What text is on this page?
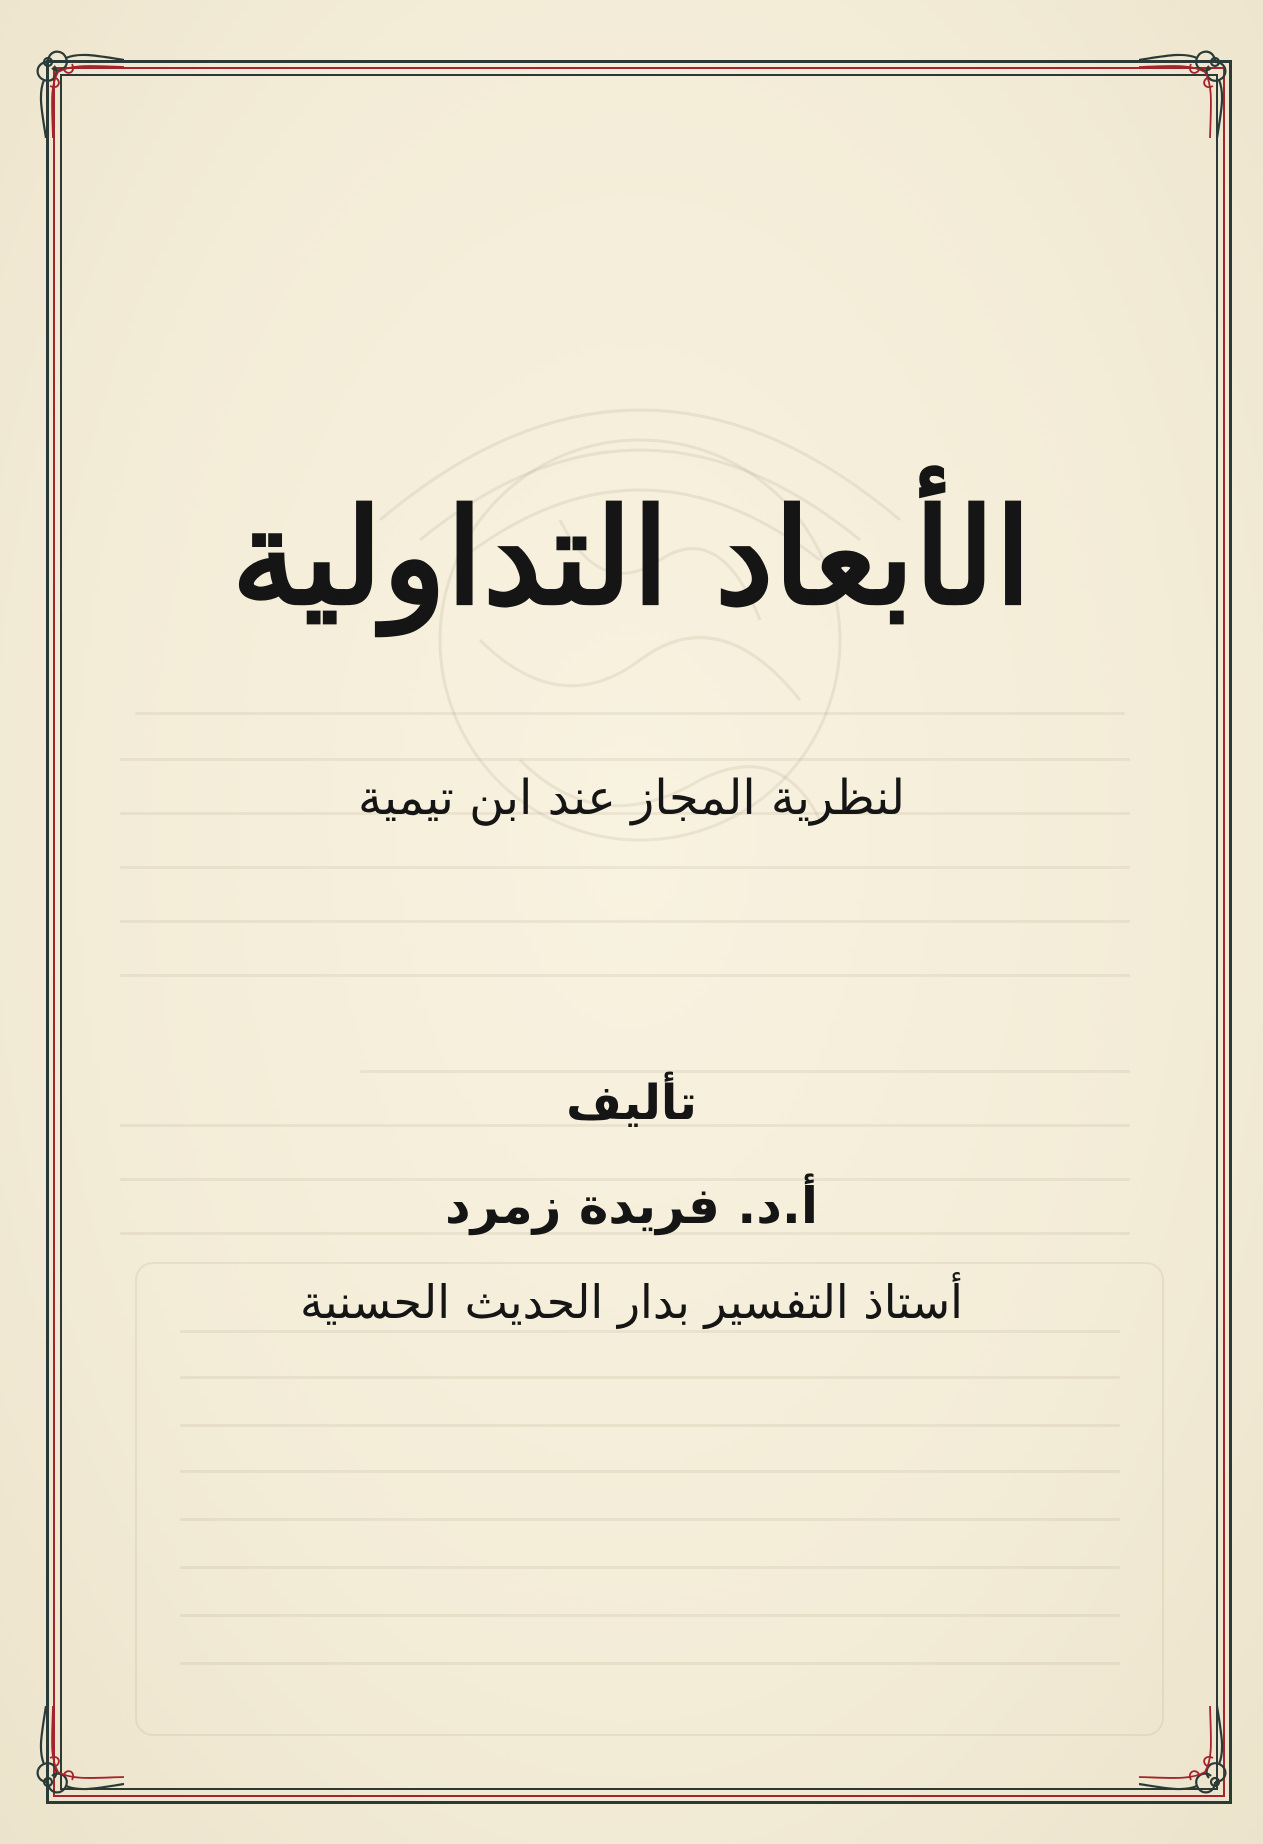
الأبعاد التداولية
لنظرية المجاز عند ابن تيمية
تأليف
أ.د. فريدة زمرد
أستاذ التفسير بدار الحديث الحسنية
